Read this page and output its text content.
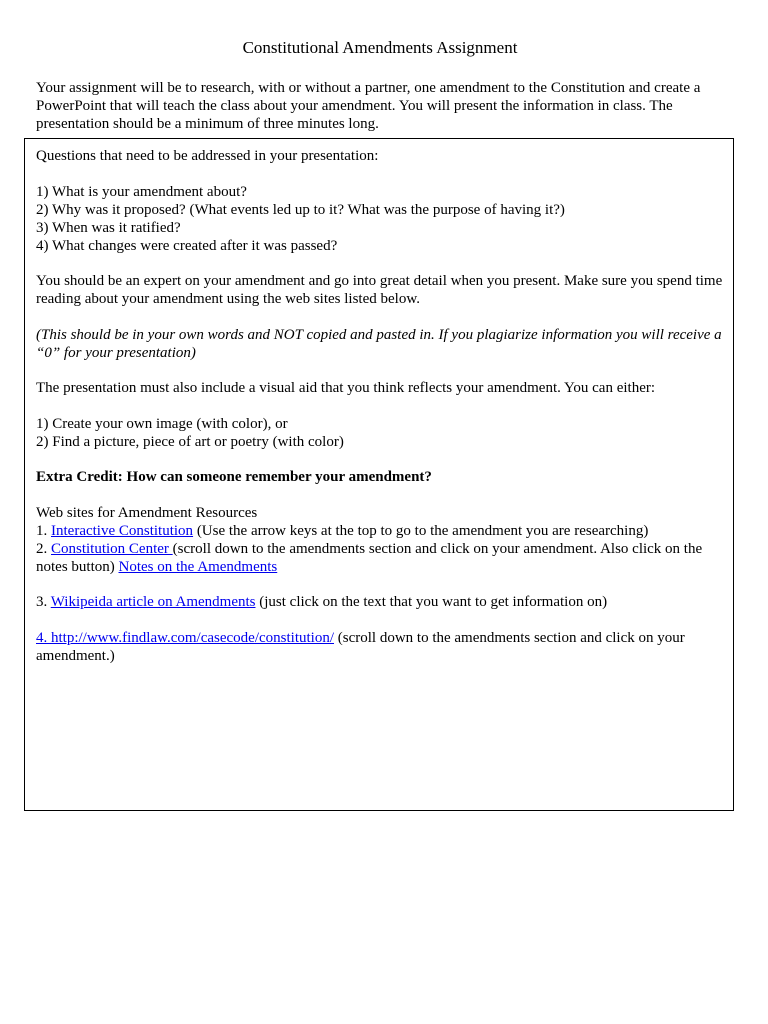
Constitutional Amendments Assignment

Your assignment will be to research, with or without a partner, one amendment to the Constitution and create a PowerPoint that will teach the class about your amendment. You will present the information in class. The presentation should be a minimum of three minutes long.

Questions that need to be addressed in your presentation:

1) What is your amendment about?

2) Why was it proposed? (What events led up to it? What was the purpose of having it?)

3) When was it ratified?

4) What changes were created after it was passed?

You should be an expert on your amendment and go into great detail when you present. Make sure you spend time reading about your amendment using the web sites listed below.

(This should be in your own words and NOT copied and pasted in. If you plagiarize information you will receive a “0” for your presentation)

The presentation must also include a visual aid that you think reflects your amendment. You can either:

1) Create your own image (with color), or

2) Find a picture, piece of art or poetry (with color)

Extra Credit: How can someone remember your amendment?

Web sites for Amendment Resources

1. Interactive Constitution (Use the arrow keys at the top to go to the amendment you are researching)

2. Constitution Center (scroll down to the amendments section and click on your amendment. Also click on the notes button) Notes on the Amendments

3. Wikipeida article on Amendments (just click on the text that you want to get information on)

4. http://www.findlaw.com/casecode/constitution/ (scroll down to the amendments section and click on your amendment.)
